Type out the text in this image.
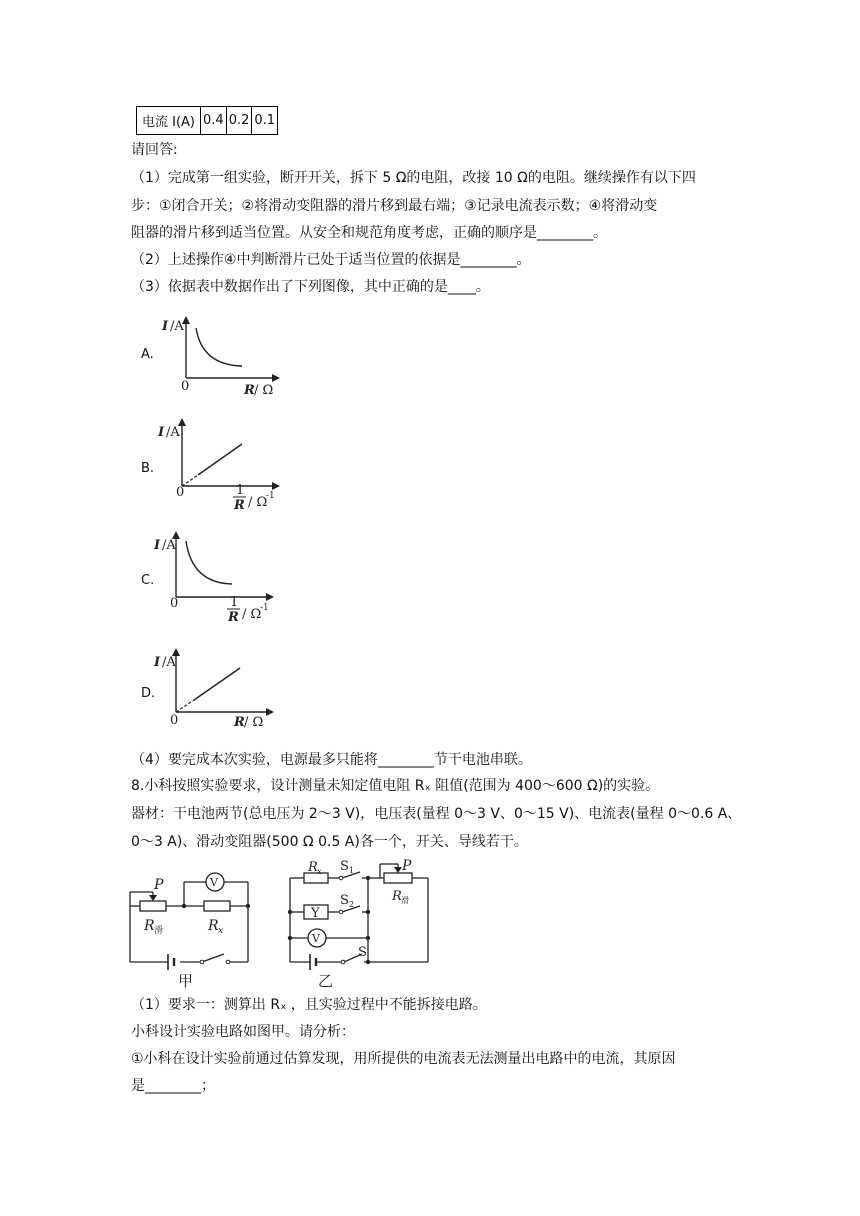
电流 I(A)	0.4	0.2	0.1
请回答:
（1）完成第一组实验，断开开关，拆下 5 Ω的电阻，改接 10 Ω的电阻。继续操作有以下四
步：①闭合开关；②将滑动变阻器的滑片移到最右端；③记录电流表示数；④将滑动变
阻器的滑片移到适当位置。从安全和规范角度考虑，正确的顺序是________。
（2）上述操作④中判断滑片已处于适当位置的依据是________。
（3）依据表中数据作出了下列图像，其中正确的是____。
A.
I /A
0	R / Ω
B.
I /A
0	1
R / Ω
-1
C.
I /A
0	1
R / Ω
-1
D.
I /A
0	R / Ω
（4）要完成本次实验，电源最多只能将________节干电池串联。
8.小科按照实验要求，设计测量未知定值电阻 Rₓ 阻值(范围为 400～600 Ω)的实验。
器材：干电池两节(总电压为 2～3 V)，电压表(量程 0～3 V、0～15 V)、电流表(量程 0～0.6 A、
0～3 A)、滑动变阻器(500 Ω 0.5 A)各一个，开关、导线若干。
V
P
R 滑	R x
甲
R x S 1
Y
S 2
V
S
P
R 滑
乙
（1）要求一：测算出 Rₓ ，且实验过程中不能拆接电路。
小科设计实验电路如图甲。请分析：
①小科在设计实验前通过估算发现，用所提供的电流表无法测量出电路中的电流，其原因
是________；
